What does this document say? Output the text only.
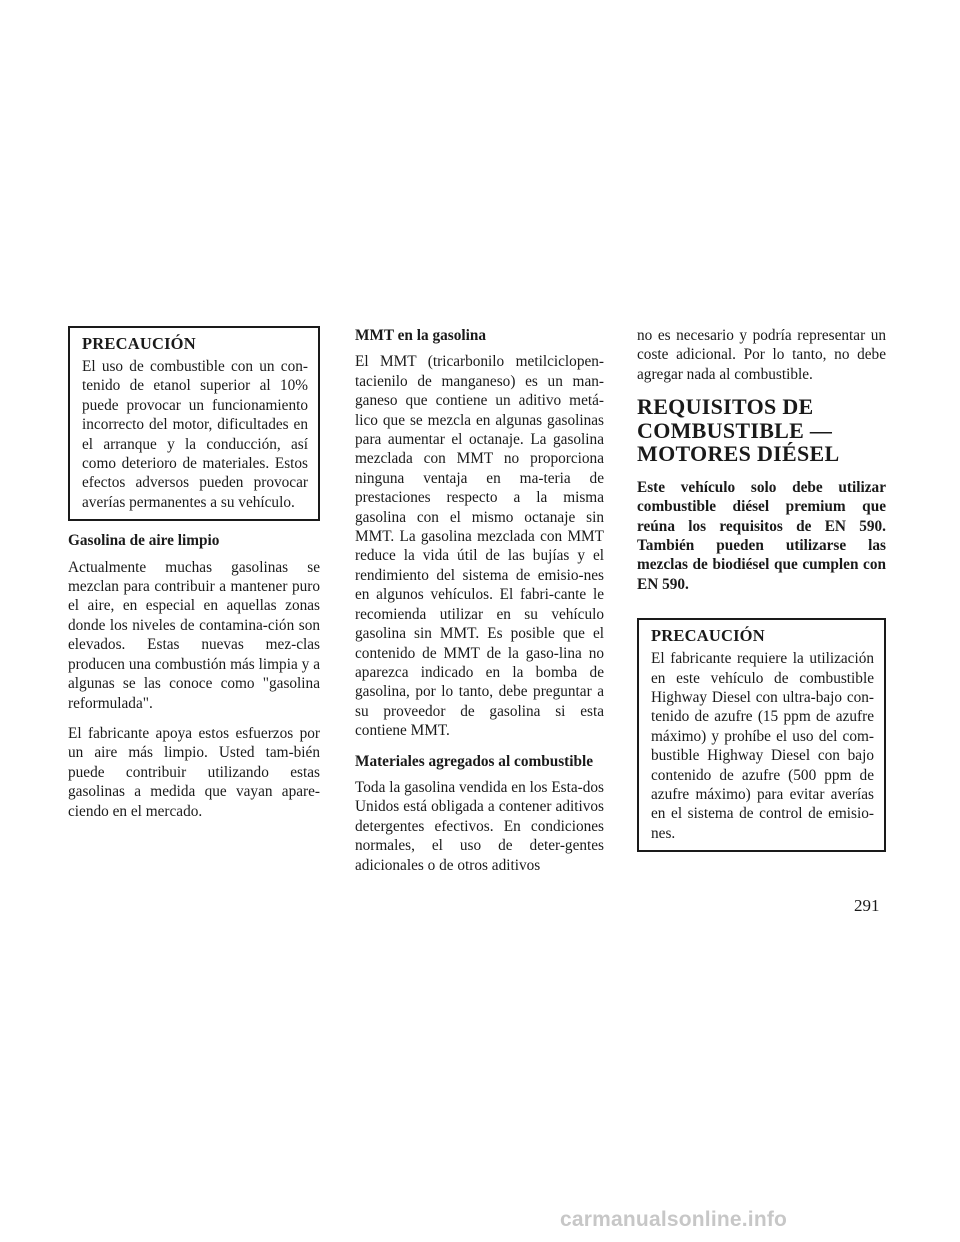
PRECAUCIÓN

El uso de combustible con un con-tenido de etanol superior al 10% puede provocar un funcionamiento incorrecto del motor, dificultades en el arranque y la conducción, así como deterioro de materiales. Estos efectos adversos pueden provocar averías permanentes a su vehículo.

Gasolina de aire limpio

Actualmente muchas gasolinas se mezclan para contribuir a mantener puro el aire, en especial en aquellas zonas donde los niveles de contamina-ción son elevados. Estas nuevas mez-clas producen una combustión más limpia y a algunas se las conoce como "gasolina reformulada".

El fabricante apoya estos esfuerzos por un aire más limpio. Usted tam-bién puede contribuir utilizando estas gasolinas a medida que vayan apare-ciendo en el mercado.

MMT en la gasolina

El MMT (tricarbonilo metilciclopen-tacienilo de manganeso) es un man-ganeso que contiene un aditivo metá-lico que se mezcla en algunas gasolinas para aumentar el octanaje. La gasolina mezclada con MMT no proporciona ninguna ventaja en ma-teria de prestaciones respecto a la misma gasolina con el mismo octanaje sin MMT. La gasolina mezclada con MMT reduce la vida útil de las bujías y el rendimiento del sistema de emisio-nes en algunos vehículos. El fabri-cante le recomienda utilizar en su vehículo gasolina sin MMT. Es posible que el contenido de MMT de la gaso-lina no aparezca indicado en la bomba de gasolina, por lo tanto, debe preguntar a su proveedor de gasolina si esta contiene MMT.

Materiales agregados al combustible

Toda la gasolina vendida en los Esta-dos Unidos está obligada a contener aditivos detergentes efectivos. En condiciones normales, el uso de deter-gentes adicionales o de otros aditivos

no es necesario y podría representar un coste adicional. Por lo tanto, no debe agregar nada al combustible.

REQUISITOS DE COMBUSTIBLE — MOTORES DIÉSEL

Este vehículo solo debe utilizar combustible diésel premium que reúna los requisitos de EN 590. También pueden utilizarse las mezclas de biodiésel que cumplen con EN 590.

PRECAUCIÓN

El fabricante requiere la utilización en este vehículo de combustible Highway Diesel con ultra-bajo con-tenido de azufre (15 ppm de azufre máximo) y prohíbe el uso del com-bustible Highway Diesel con bajo contenido de azufre (500 ppm de azufre máximo) para evitar averías en el sistema de control de emisio-nes.

291
carmanualsonline.info
